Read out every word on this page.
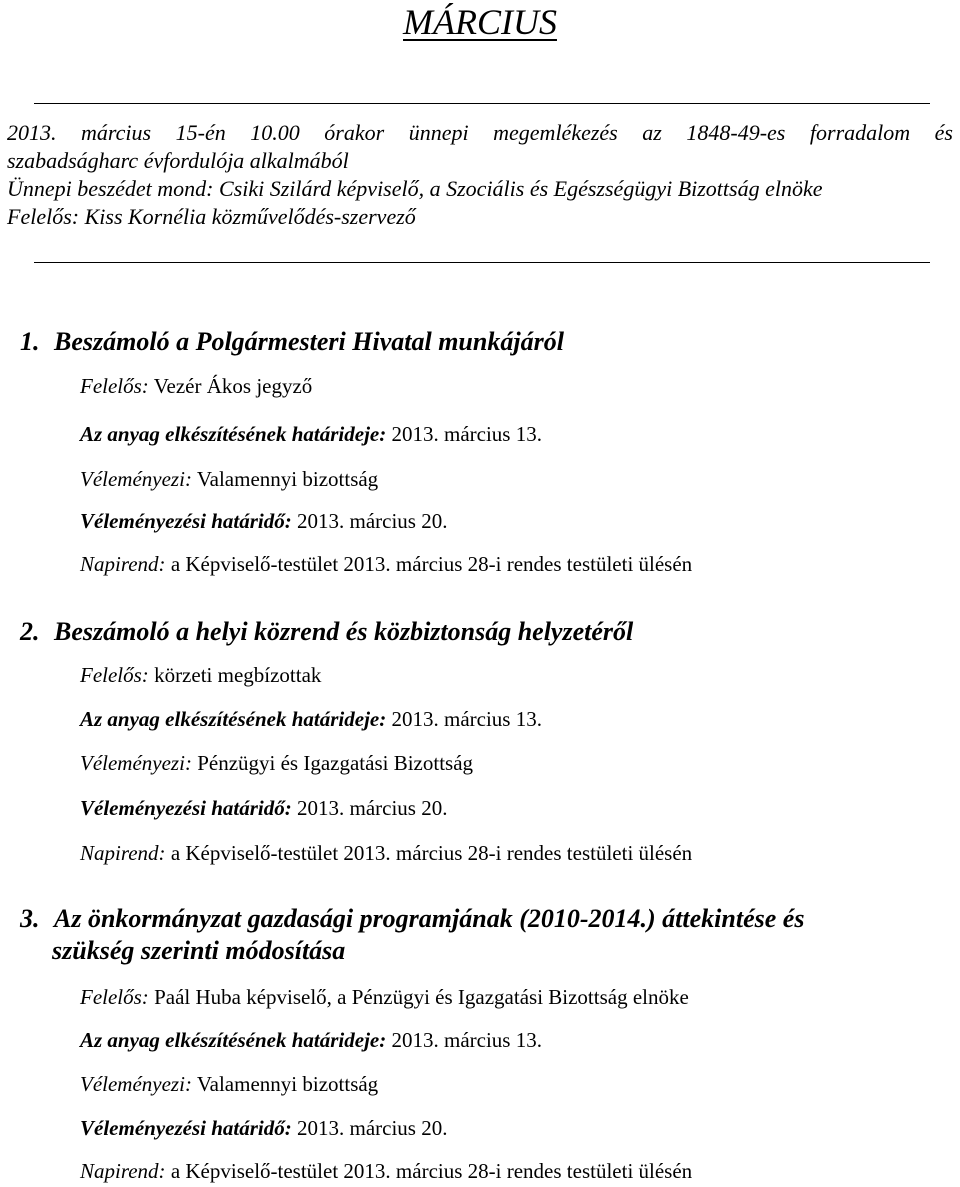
MÁRCIUS
2013. március 15-én 10.00 órakor ünnepi megemlékezés az 1848-49-es forradalom és
szabadságharc évfordulója alkalmából
Ünnepi beszédet mond: Csiki Szilárd képviselő, a Szociális és Egészségügyi Bizottság elnöke
Felelős: Kiss Kornélia közművelődés-szervező
1. Beszámoló a Polgármesteri Hivatal munkájáról
Felelős: Vezér Ákos jegyző
Az anyag elkészítésének határideje: 2013. március 13.
Véleményezi: Valamennyi bizottság
Véleményezési határidő: 2013. március 20.
Napirend: a Képviselő-testület 2013. március 28-i rendes testületi ülésén
2. Beszámoló a helyi közrend és közbiztonság helyzetéről
Felelős: körzeti megbízottak
Az anyag elkészítésének határideje: 2013. március 13.
Véleményezi: Pénzügyi és Igazgatási Bizottság
Véleményezési határidő: 2013. március 20.
Napirend: a Képviselő-testület 2013. március 28-i rendes testületi ülésén
3. Az önkormányzat gazdasági programjának (2010-2014.) áttekintése és
szükség szerinti módosítása
Felelős: Paál Huba képviselő, a Pénzügyi és Igazgatási Bizottság elnöke
Az anyag elkészítésének határideje: 2013. március 13.
Véleményezi: Valamennyi bizottság
Véleményezési határidő: 2013. március 20.
Napirend: a Képviselő-testület 2013. március 28-i rendes testületi ülésén
